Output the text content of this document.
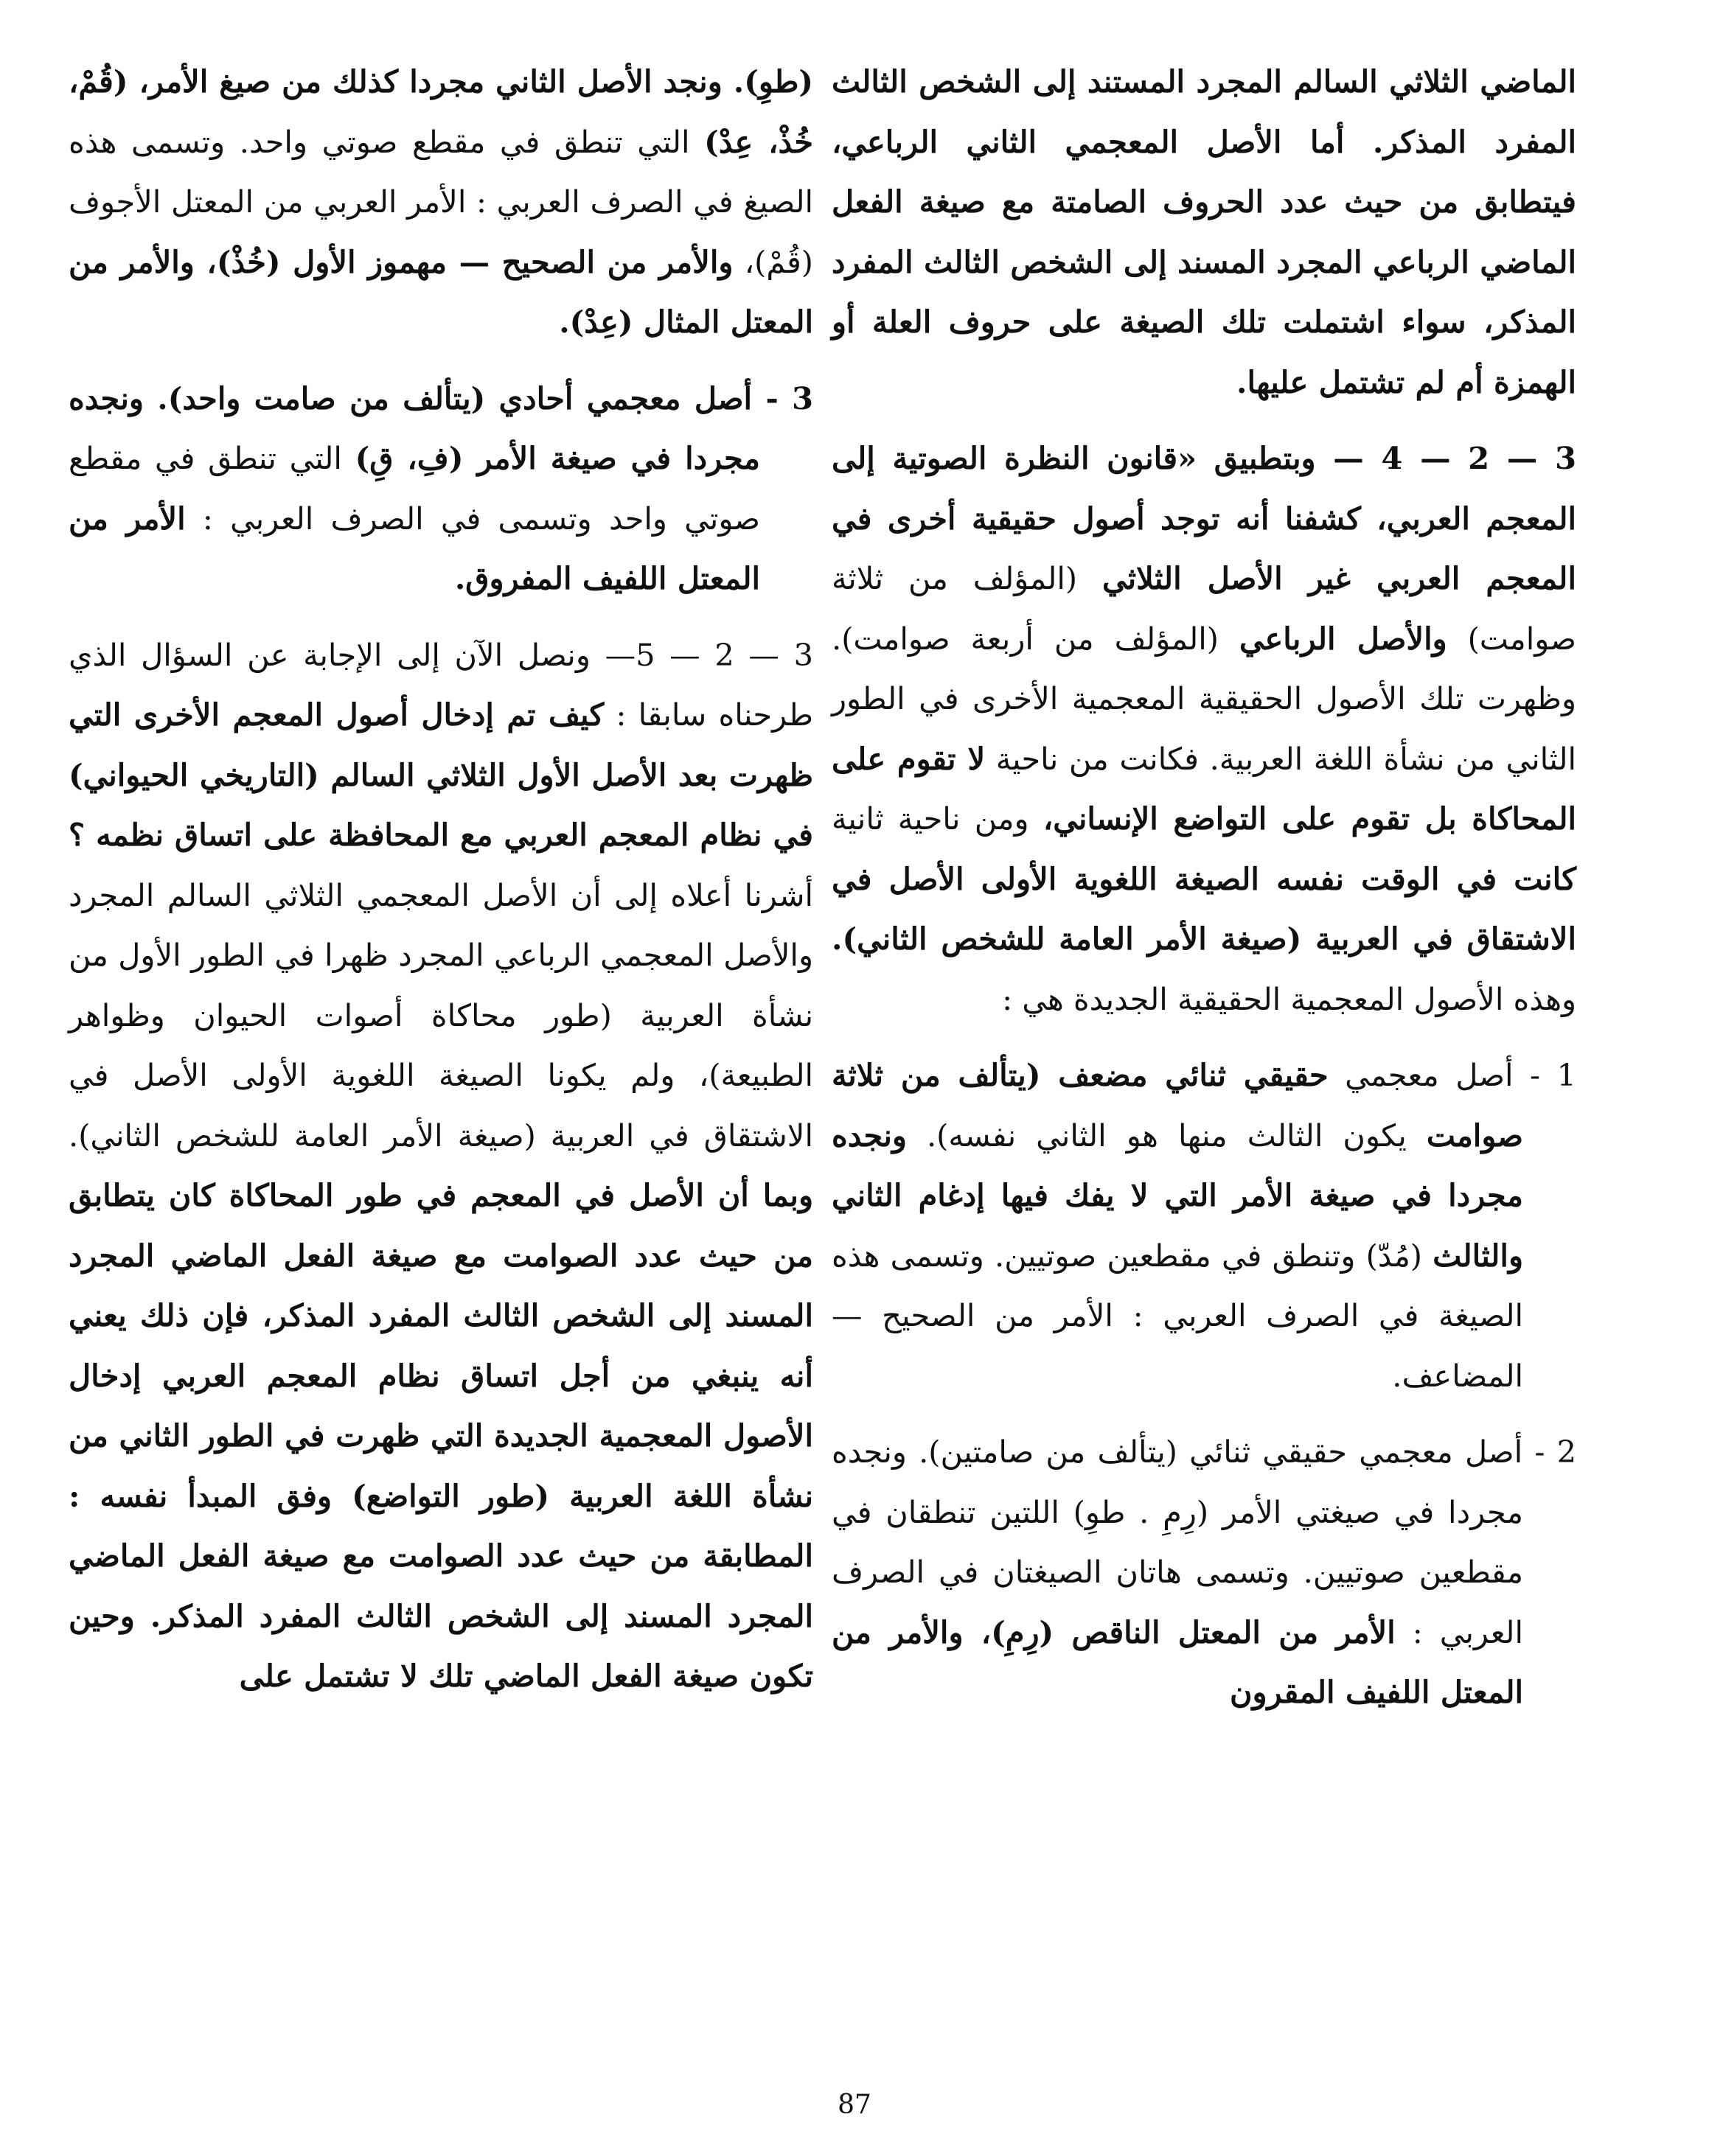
الماضي الثلاثي السالم المجرد المستند إلى الشخص الثالث المفرد المذكر. أما الأصل المعجمي الثاني الرباعي، فيتطابق من حيث عدد الحروف الصامتة مع صيغة الفعل الماضي الرباعي المجرد المسند إلى الشخص الثالث المفرد المذكر، سواء اشتملت تلك الصيغة على حروف العلة أو الهمزة أم لم تشتمل عليها.

3 — 2 — 4 — وبتطبيق «قانون النظرة الصوتية إلى المعجم العربي، كشفنا أنه توجد أصول حقيقية أخرى في المعجم العربي غير الأصل الثلاثي (المؤلف من ثلاثة صوامت) والأصل الرباعي (المؤلف من أربعة صوامت). وظهرت تلك الأصول الحقيقية المعجمية الأخرى في الطور الثاني من نشأة اللغة العربية. فكانت من ناحية لا تقوم على المحاكاة بل تقوم على التواضع الإنساني، ومن ناحية ثانية كانت في الوقت نفسه الصيغة اللغوية الأولى الأصل في الاشتقاق في العربية (صيغة الأمر العامة للشخص الثاني). وهذه الأصول المعجمية الحقيقية الجديدة هي :

1 - أصل معجمي حقيقي ثنائي مضعف (يتألف من ثلاثة صوامت يكون الثالث منها هو الثاني نفسه). ونجده مجردا في صيغة الأمر التي لا يفك فيها إدغام الثاني والثالث (مُدّ) وتنطق في مقطعين صوتيين. وتسمى هذه الصيغة في الصرف العربي : الأمر من الصحيح — المضاعف.

2 - أصل معجمي حقيقي ثنائي (يتألف من صامتين). ونجده مجردا في صيغتي الأمر (رِمِ . طوِ) اللتين تنطقان في مقطعين صوتيين. وتسمى هاتان الصيغتان في الصرف العربي : الأمر من المعتل الناقص (رِمِ)، والأمر من المعتل اللفيف المقرون

(طوِ). ونجد الأصل الثاني مجردا كذلك من صيغ الأمر، (قُمْ، خُذْ، عِدْ) التي تنطق في مقطع صوتي واحد. وتسمى هذه الصيغ في الصرف العربي : الأمر العربي من المعتل الأجوف (قُمْ)، والأمر من الصحيح — مهموز الأول (خُذْ)، والأمر من المعتل المثال (عِدْ).

3 - أصل معجمي أحادي (يتألف من صامت واحد). ونجده مجردا في صيغة الأمر (فِ، قِ) التي تنطق في مقطع صوتي واحد وتسمى في الصرف العربي : الأمر من المعتل اللفيف المفروق.

3 — 2 — 5— ونصل الآن إلى الإجابة عن السؤال الذي طرحناه سابقا : كيف تم إدخال أصول المعجم الأخرى التي ظهرت بعد الأصل الأول الثلاثي السالم (التاريخي الحيواني) في نظام المعجم العربي مع المحافظة على اتساق نظمه ؟ أشرنا أعلاه إلى أن الأصل المعجمي الثلاثي السالم المجرد والأصل المعجمي الرباعي المجرد ظهرا في الطور الأول من نشأة العربية (طور محاكاة أصوات الحيوان وظواهر الطبيعة)، ولم يكونا الصيغة اللغوية الأولى الأصل في الاشتقاق في العربية (صيغة الأمر العامة للشخص الثاني). وبما أن الأصل في المعجم في طور المحاكاة كان يتطابق من حيث عدد الصوامت مع صيغة الفعل الماضي المجرد المسند إلى الشخص الثالث المفرد المذكر، فإن ذلك يعني أنه ينبغي من أجل اتساق نظام المعجم العربي إدخال الأصول المعجمية الجديدة التي ظهرت في الطور الثاني من نشأة اللغة العربية (طور التواضع) وفق المبدأ نفسه : المطابقة من حيث عدد الصوامت مع صيغة الفعل الماضي المجرد المسند إلى الشخص الثالث المفرد المذكر. وحين تكون صيغة الفعل الماضي تلك لا تشتمل على

87
